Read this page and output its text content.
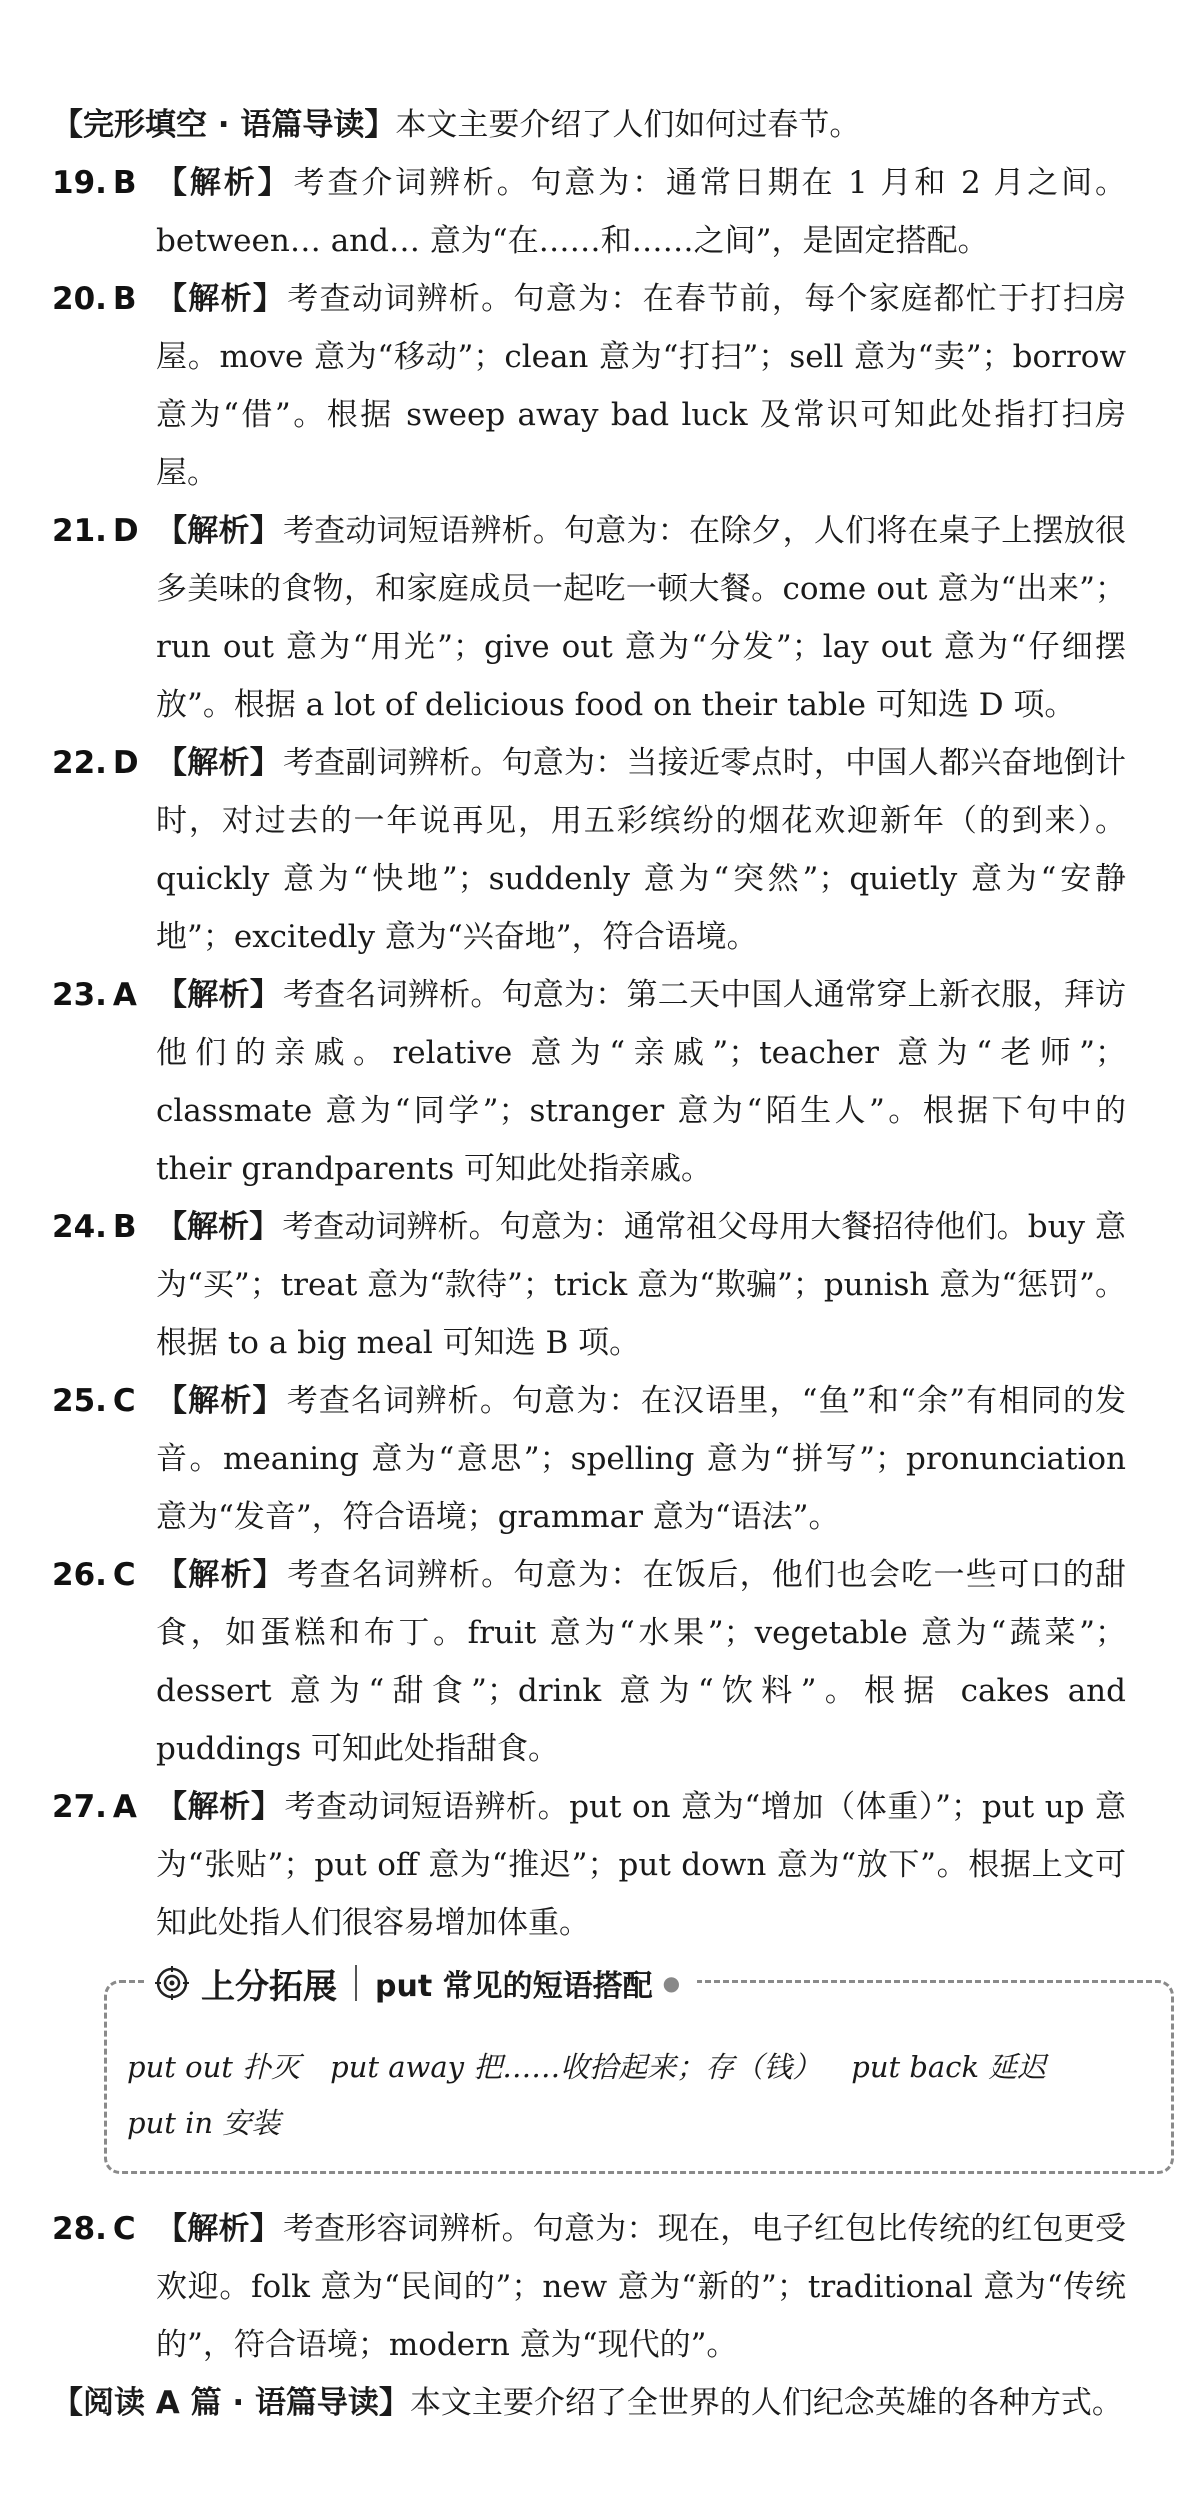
【完形填空 · 语篇导读】本文主要介绍了人们如何过春节。

19. B 【解析】考查介词辨析。句意为：通常日期在 1 月和 2 月之间。between… and… 意为“在……和……之间”，是固定搭配。
20. B 【解析】考查动词辨析。句意为：在春节前，每个家庭都忙于打扫房屋。move 意为“移动”；clean 意为“打扫”；sell 意为“卖”；borrow 意为“借”。根据 sweep away bad luck 及常识可知此处指打扫房屋。
21. D 【解析】考查动词短语辨析。句意为：在除夕，人们将在桌子上摆放很多美味的食物，和家庭成员一起吃一顿大餐。come out 意为“出来”；run out 意为“用光”；give out 意为“分发”；lay out 意为“仔细摆放”。根据 a lot of delicious food on their table 可知选 D 项。
22. D 【解析】考查副词辨析。句意为：当接近零点时，中国人都兴奋地倒计时，对过去的一年说再见，用五彩缤纷的烟花欢迎新年（的到来）。quickly 意为“快地”；suddenly 意为“突然”；quietly 意为“安静地”；excitedly 意为“兴奋地”，符合语境。
23. A 【解析】考查名词辨析。句意为：第二天中国人通常穿上新衣服，拜访他们的亲戚。relative 意为“亲戚”；teacher 意为“老师”；classmate 意为“同学”；stranger 意为“陌生人”。根据下句中的 their grandparents 可知此处指亲戚。
24. B 【解析】考查动词辨析。句意为：通常祖父母用大餐招待他们。buy 意为“买”；treat 意为“款待”；trick 意为“欺骗”；punish 意为“惩罚”。根据 to a big meal 可知选 B 项。
25. C 【解析】考查名词辨析。句意为：在汉语里，“鱼”和“余”有相同的发音。meaning 意为“意思”；spelling 意为“拼写”；pronunciation 意为“发音”，符合语境；grammar 意为“语法”。
26. C 【解析】考查名词辨析。句意为：在饭后，他们也会吃一些可口的甜食，如蛋糕和布丁。fruit 意为“水果”；vegetable 意为“蔬菜”；dessert 意为“甜食”；drink 意为“饮料”。根据 cakes and puddings 可知此处指甜食。
27. A 【解析】考查动词短语辨析。put on 意为“增加（体重）”；put up 意为“张贴”；put off 意为“推迟”；put down 意为“放下”。根据上文可知此处指人们很容易增加体重。
上分拓展 put 常见的短语搭配 ●
put out 扑灭 put away 把……收拾起来；存（钱） put back 延迟
put in 安装
28. C 【解析】考查形容词辨析。句意为：现在，电子红包比传统的红包更受欢迎。folk 意为“民间的”；new 意为“新的”；traditional 意为“传统的”，符合语境；modern 意为“现代的”。

【阅读 A 篇 · 语篇导读】本文主要介绍了全世界的人们纪念英雄的各种方式。
